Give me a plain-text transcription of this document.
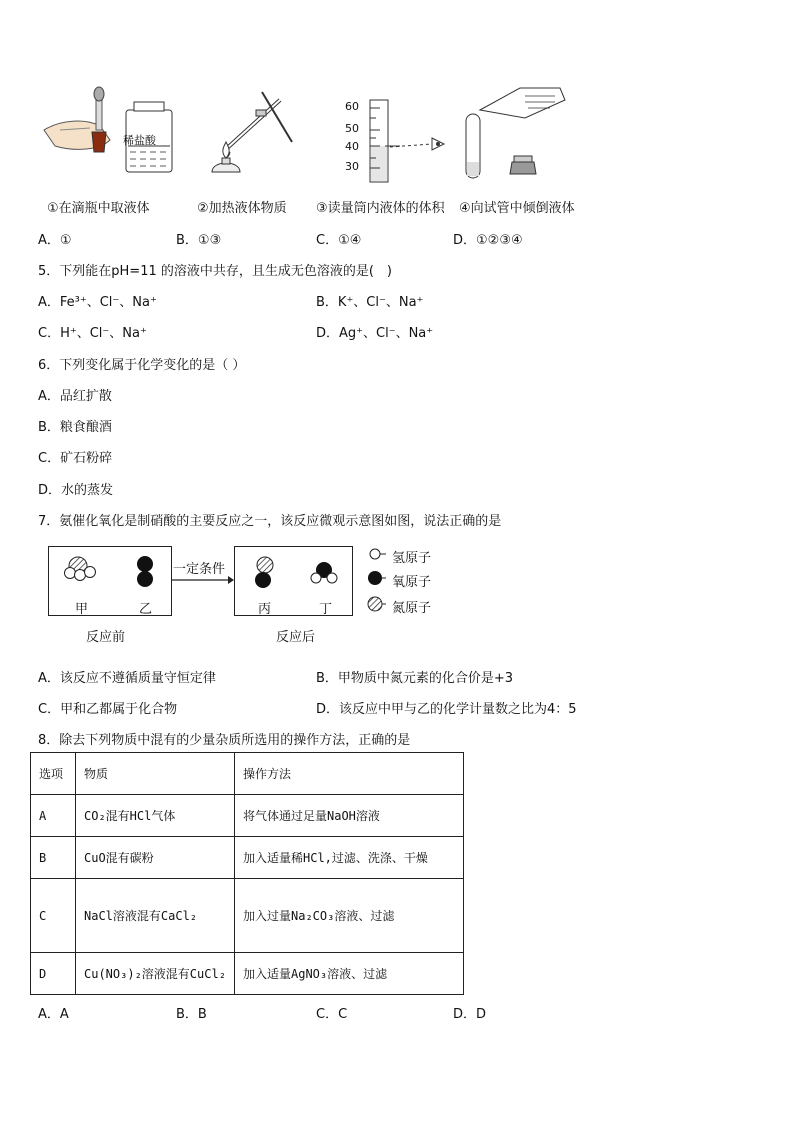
稀盐酸
60
50
40
30
①在滴瓶中取液体	②加热液体物质 ③读量筒内液体的体积 ④向试管中倾倒液体
A．①	B．①③	C．①④	D．①②③④
5．下列能在pH=11 的溶液中共存，且生成无色溶液的是(　)
A．Fe³⁺、Cl⁻、Na⁺	B．K⁺、Cl⁻、Na⁺
C．H⁺、Cl⁻、Na⁺	D．Ag⁺、Cl⁻、Na⁺
6．下列变化属于化学变化的是（ ）
A．品红扩散
B．粮食酿酒
C．矿石粉碎
D．水的蒸发
7．氨催化氧化是制硝酸的主要反应之一，该反应微观示意图如图，说法正确的是
一定条件
甲	乙	丙	丁
反应前	反应后
氢原子
氧原子
氮原子
A．该反应不遵循质量守恒定律	B．甲物质中氮元素的化合价是+3
C．甲和乙都属于化合物	D．该反应中甲与乙的化学计量数之比为4：5
8．除去下列物质中混有的少量杂质所选用的操作方法，正确的是
选项	物质	操作方法
A	CO₂混有HCl气体	将气体通过足量NaOH溶液
B	CuO混有碳粉	加入适量稀HCl,过滤、洗涤、干燥
C	NaCl溶液混有CaCl₂	加入过量Na₂CO₃溶液、过滤
D	Cu(NO₃)₂溶液混有CuCl₂	加入适量AgNO₃溶液、过滤
A．A	B．B	C．C	D．D
